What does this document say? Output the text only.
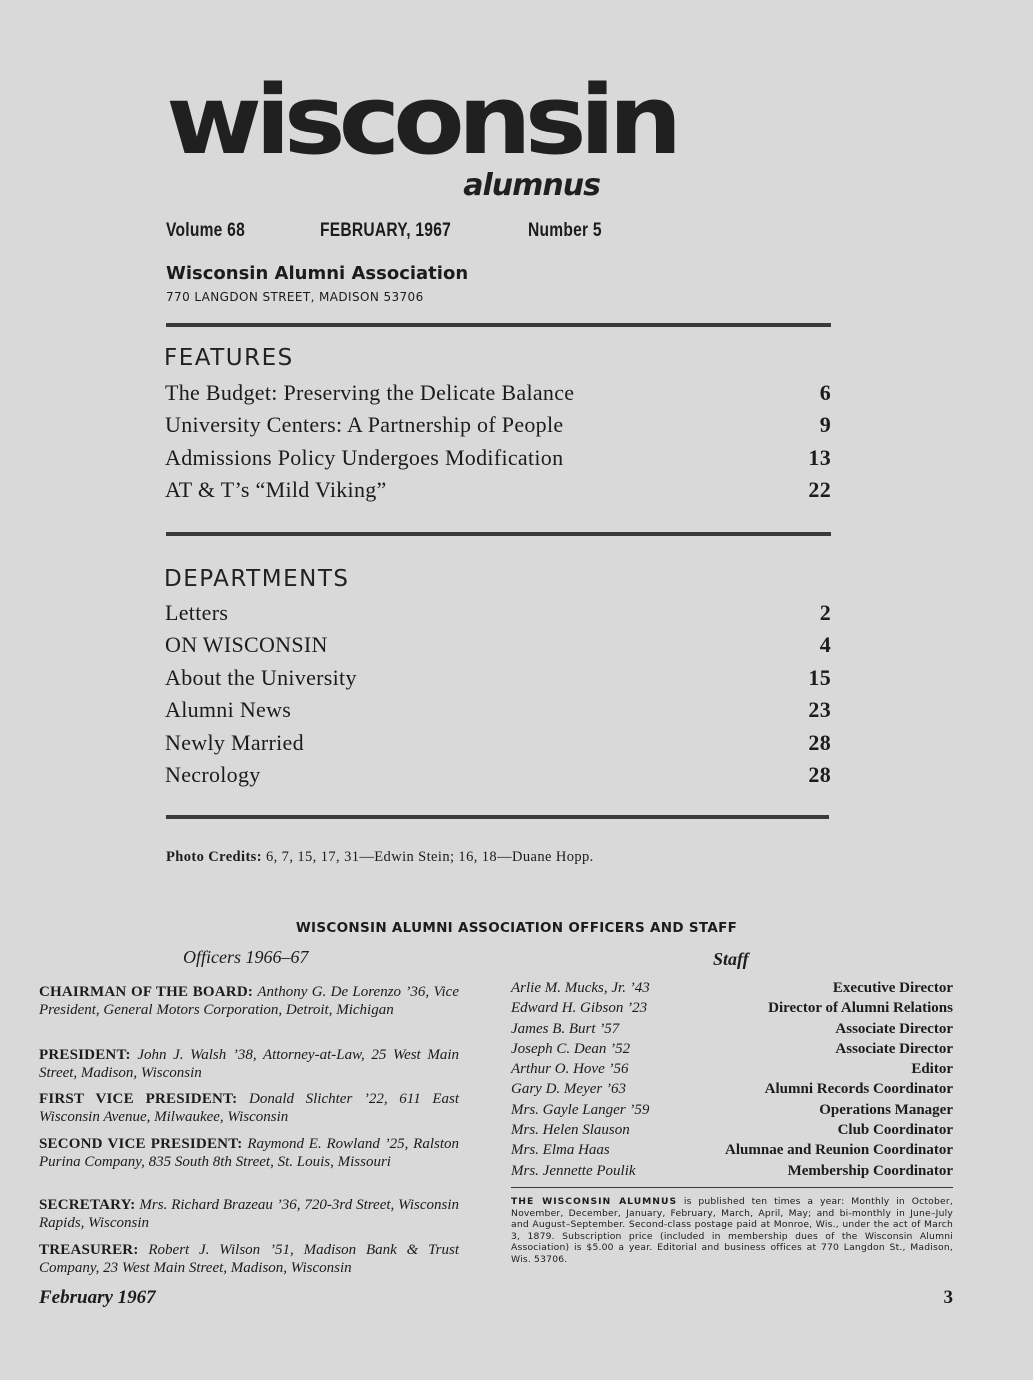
wisconsin
alumnus
Volume 68	FEBRUARY, 1967	Number 5
Wisconsin Alumni Association
770 LANGDON STREET, MADISON 53706
FEATURES
The Budget: Preserving the Delicate Balance	6
University Centers: A Partnership of People	9
Admissions Policy Undergoes Modification	13
AT & T’s “Mild Viking”	22
DEPARTMENTS
Letters	2
ON WISCONSIN	4
About the University	15
Alumni News	23
Newly Married	28
Necrology	28
Photo Credits: 6, 7, 15, 17, 31—Edwin Stein; 16, 18—Duane Hopp.
WISCONSIN ALUMNI ASSOCIATION OFFICERS AND STAFF
Officers 1966–67	Staff
CHAIRMAN OF THE BOARD: Anthony G. De Lorenzo ’36, Vice President, General Motors Corporation, Detroit, Michigan
PRESIDENT: John J. Walsh ’38, Attorney-at-Law, 25 West Main Street, Madison, Wisconsin
FIRST VICE PRESIDENT: Donald Slichter ’22, 611 East Wisconsin Avenue, Milwaukee, Wisconsin
SECOND VICE PRESIDENT: Raymond E. Rowland ’25, Ralston Purina Company, 835 South 8th Street, St. Louis, Missouri
SECRETARY: Mrs. Richard Brazeau ’36, 720-3rd Street, Wisconsin Rapids, Wisconsin
TREASURER: Robert J. Wilson ’51, Madison Bank & Trust Company, 23 West Main Street, Madison, Wisconsin
Arlie M. Mucks, Jr. ’43	Executive Director
Edward H. Gibson ’23	Director of Alumni Relations
James B. Burt ’57	Associate Director
Joseph C. Dean ’52	Associate Director
Arthur O. Hove ’56	Editor
Gary D. Meyer ’63	Alumni Records Coordinator
Mrs. Gayle Langer ’59	Operations Manager
Mrs. Helen Slauson	Club Coordinator
Mrs. Elma Haas	Alumnae and Reunion Coordinator
Mrs. Jennette Poulik	Membership Coordinator
THE WISCONSIN ALUMNUS is published ten times a year: Monthly in October, November, December, January, February, March, April, May; and bi-monthly in June–July and August–September. Second-class postage paid at Monroe, Wis., under the act of March 3, 1879. Subscription price (included in membership dues of the Wisconsin Alumni Association) is $5.00 a year. Editorial and business offices at 770 Langdon St., Madison, Wis. 53706.
February 1967	3
